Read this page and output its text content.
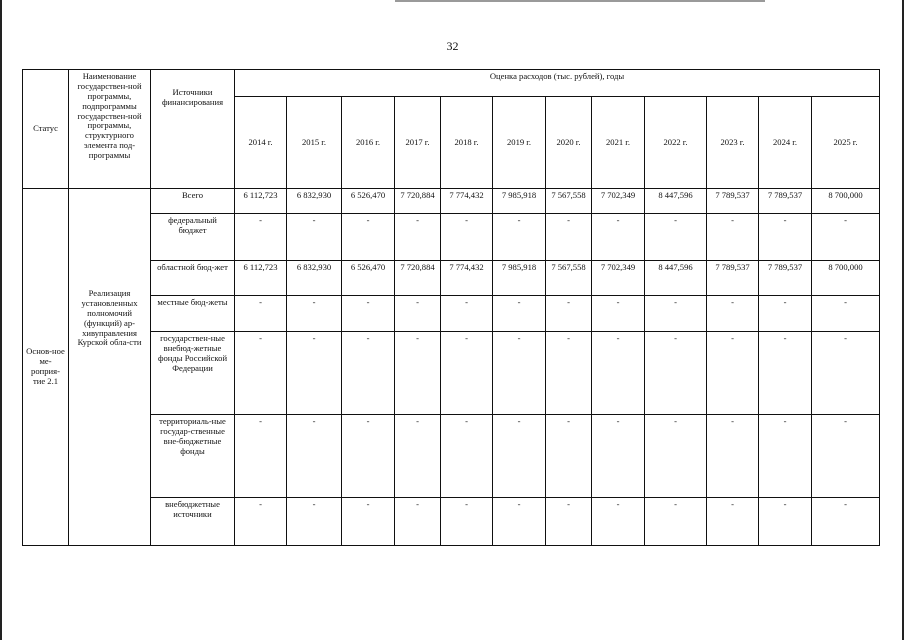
32
Статус	Наименование государствен-ной программы, подпрограммы государствен-ной программы, структурного элемента под-программы	Источники финансирования	Оценка расходов (тыс. рублей), годы											
			2014 г.	2015 г.	2016 г.	2017 г.	2018 г.	2019 г.	2020 г.	2021 г.	2022 г.	2023 г.	2024 г.	2025 г.
Основ-ное ме-роприя-тие 2.1	Реализация установленных полномочий (функций) ар-хивуправления Курской обла-сти	Всего	6 112,723	6 832,930	6 526,470	7 720,884	7 774,432	7 985,918	7 567,558	7 702,349	8 447,596	7 789,537	7 789,537	8 700,000
		федеральный бюджет	-	-	-	-	-	-	-	-	-	-	-	-
		областной бюд-жет	6 112,723	6 832,930	6 526,470	7 720,884	7 774,432	7 985,918	7 567,558	7 702,349	8 447,596	7 789,537	7 789,537	8 700,000
		местные бюд-жеты	-	-	-	-	-	-	-	-	-	-	-	-
		государствен-ные внебюд-жетные фонды Российской Федерации	-	-	-	-	-	-	-	-	-	-	-	-
		территориаль-ные государ-ственные вне-бюджетные фонды	-	-	-	-	-	-	-	-	-	-	-	-
		внебюджетные источники	-	-	-	-	-	-	-	-	-	-	-	-
